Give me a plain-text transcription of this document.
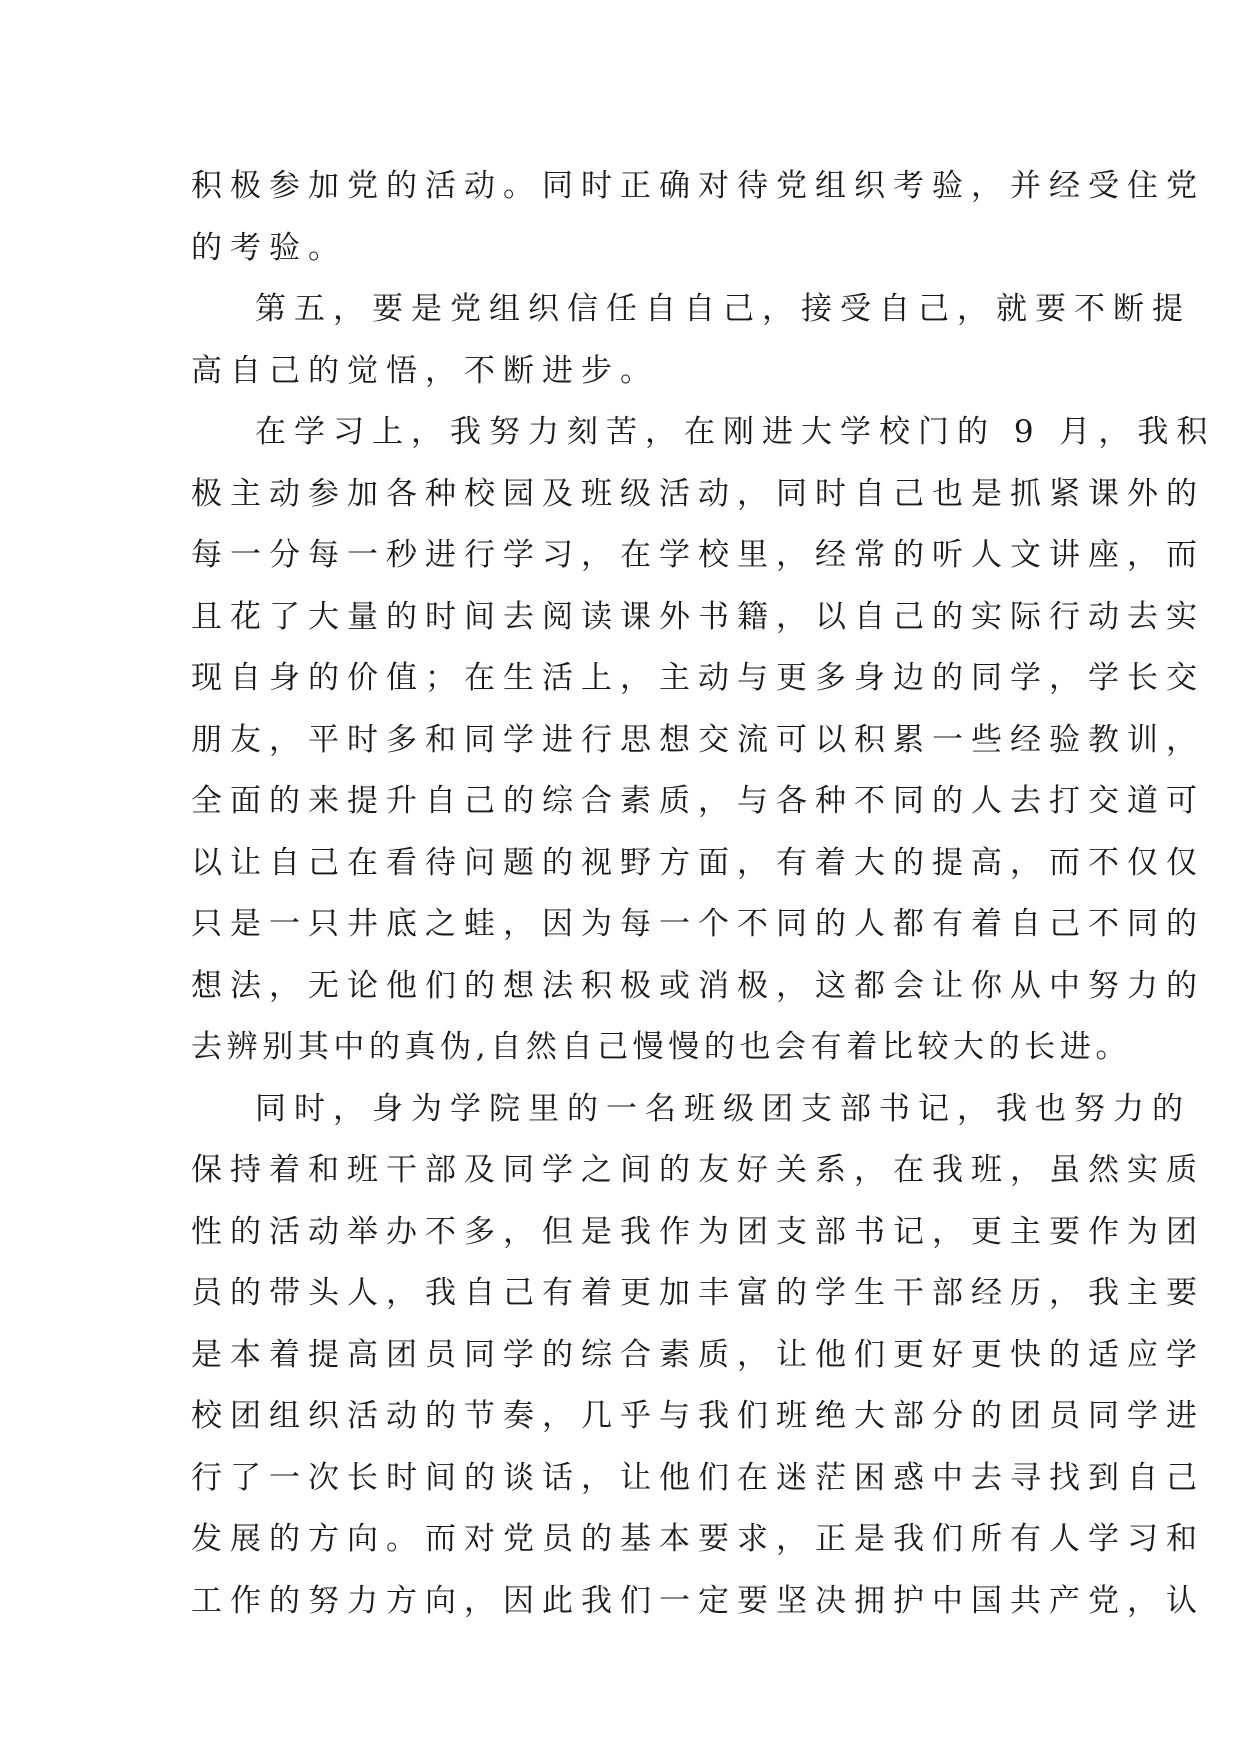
积极参加党的活动。同时正确对待党组织考验，并经受住党
的考验。
第五，要是党组织信任自自己，接受自己，就要不断提
高自己的觉悟，不断进步。
在学习上，我努力刻苦，在刚进大学校门的 9 月，我积
极主动参加各种校园及班级活动，同时自己也是抓紧课外的
每一分每一秒进行学习，在学校里，经常的听人文讲座，而
且花了大量的时间去阅读课外书籍，以自己的实际行动去实
现自身的价值；在生活上，主动与更多身边的同学，学长交
朋友，平时多和同学进行思想交流可以积累一些经验教训，
全面的来提升自己的综合素质，与各种不同的人去打交道可
以让自己在看待问题的视野方面，有着大的提高，而不仅仅
只是一只井底之蛙，因为每一个不同的人都有着自己不同的
想法，无论他们的想法积极或消极，这都会让你从中努力的
去辨别其中的真伪,自然自己慢慢的也会有着比较大的长进。
同时，身为学院里的一名班级团支部书记，我也努力的
保持着和班干部及同学之间的友好关系，在我班，虽然实质
性的活动举办不多，但是我作为团支部书记，更主要作为团
员的带头人，我自己有着更加丰富的学生干部经历，我主要
是本着提高团员同学的综合素质，让他们更好更快的适应学
校团组织活动的节奏，几乎与我们班绝大部分的团员同学进
行了一次长时间的谈话，让他们在迷茫困惑中去寻找到自己
发展的方向。而对党员的基本要求，正是我们所有人学习和
工作的努力方向，因此我们一定要坚决拥护中国共产党，认
